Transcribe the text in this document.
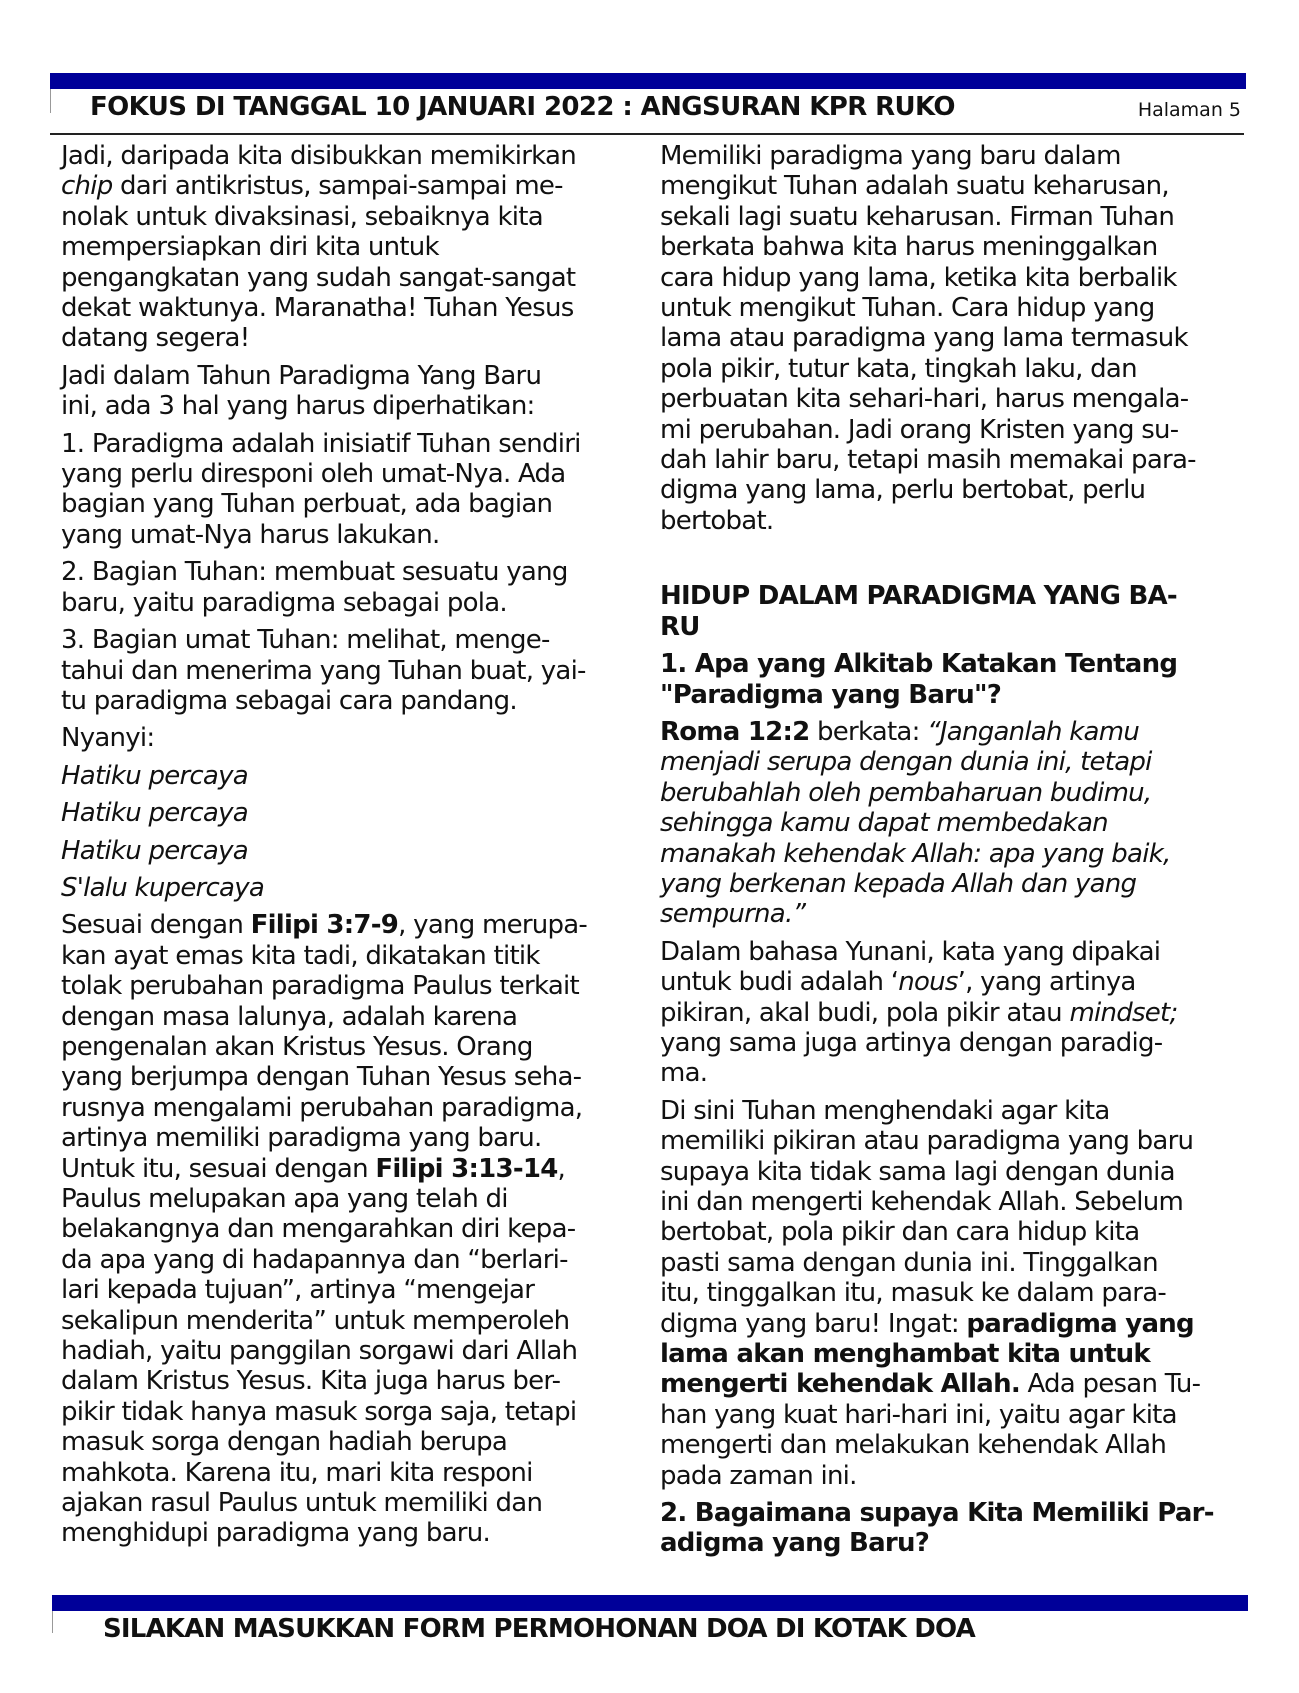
FOKUS DI TANGGAL 10 JANUARI 2022 : ANGSURAN KPR RUKO	Halaman 5
Jadi, daripada kita disibukkan memikirkan
chip dari antikristus, sampai-sampai me-
nolak untuk divaksinasi, sebaiknya kita
mempersiapkan diri kita untuk
pengangkatan yang sudah sangat-sangat
dekat waktunya. Maranatha! Tuhan Yesus
datang segera!
Jadi dalam Tahun Paradigma Yang Baru
ini, ada 3 hal yang harus diperhatikan:
1. Paradigma adalah inisiatif Tuhan sendiri
yang perlu diresponi oleh umat-Nya. Ada
bagian yang Tuhan perbuat, ada bagian
yang umat-Nya harus lakukan.
2. Bagian Tuhan: membuat sesuatu yang
baru, yaitu paradigma sebagai pola.
3. Bagian umat Tuhan: melihat, menge-
tahui dan menerima yang Tuhan buat, yai-
tu paradigma sebagai cara pandang.
Nyanyi:
Hatiku percaya
Hatiku percaya
Hatiku percaya
S'lalu kupercaya
Sesuai dengan Filipi 3:7-9, yang merupa-
kan ayat emas kita tadi, dikatakan titik
tolak perubahan paradigma Paulus terkait
dengan masa lalunya, adalah karena
pengenalan akan Kristus Yesus. Orang
yang berjumpa dengan Tuhan Yesus seha-
rusnya mengalami perubahan paradigma,
artinya memiliki paradigma yang baru.
Untuk itu, sesuai dengan Filipi 3:13-14,
Paulus melupakan apa yang telah di
belakangnya dan mengarahkan diri kepa-
da apa yang di hadapannya dan “berlari-
lari kepada tujuan”, artinya “mengejar
sekalipun menderita” untuk memperoleh
hadiah, yaitu panggilan sorgawi dari Allah
dalam Kristus Yesus. Kita juga harus ber-
pikir tidak hanya masuk sorga saja, tetapi
masuk sorga dengan hadiah berupa
mahkota. Karena itu, mari kita responi
ajakan rasul Paulus untuk memiliki dan
menghidupi paradigma yang baru.
Memiliki paradigma yang baru dalam
mengikut Tuhan adalah suatu keharusan,
sekali lagi suatu keharusan. Firman Tuhan
berkata bahwa kita harus meninggalkan
cara hidup yang lama, ketika kita berbalik
untuk mengikut Tuhan. Cara hidup yang
lama atau paradigma yang lama termasuk
pola pikir, tutur kata, tingkah laku, dan
perbuatan kita sehari-hari, harus mengala-
mi perubahan. Jadi orang Kristen yang su-
dah lahir baru, tetapi masih memakai para-
digma yang lama, perlu bertobat, perlu
bertobat.
HIDUP DALAM PARADIGMA YANG BA-
RU
1. Apa yang Alkitab Katakan Tentang
"Paradigma yang Baru"?
Roma 12:2 berkata: “Janganlah kamu
menjadi serupa dengan dunia ini, tetapi
berubahlah oleh pembaharuan budimu,
sehingga kamu dapat membedakan
manakah kehendak Allah: apa yang baik,
yang berkenan kepada Allah dan yang
sempurna.”
Dalam bahasa Yunani, kata yang dipakai
untuk budi adalah ‘nous’, yang artinya
pikiran, akal budi, pola pikir atau mindset;
yang sama juga artinya dengan paradig-
ma.
Di sini Tuhan menghendaki agar kita
memiliki pikiran atau paradigma yang baru
supaya kita tidak sama lagi dengan dunia
ini dan mengerti kehendak Allah. Sebelum
bertobat, pola pikir dan cara hidup kita
pasti sama dengan dunia ini. Tinggalkan
itu, tinggalkan itu, masuk ke dalam para-
digma yang baru! Ingat: paradigma yang
lama akan menghambat kita untuk
mengerti kehendak Allah. Ada pesan Tu-
han yang kuat hari-hari ini, yaitu agar kita
mengerti dan melakukan kehendak Allah
pada zaman ini.
2. Bagaimana supaya Kita Memiliki Par-
adigma yang Baru?
SILAKAN MASUKKAN FORM PERMOHONAN DOA DI KOTAK DOA
